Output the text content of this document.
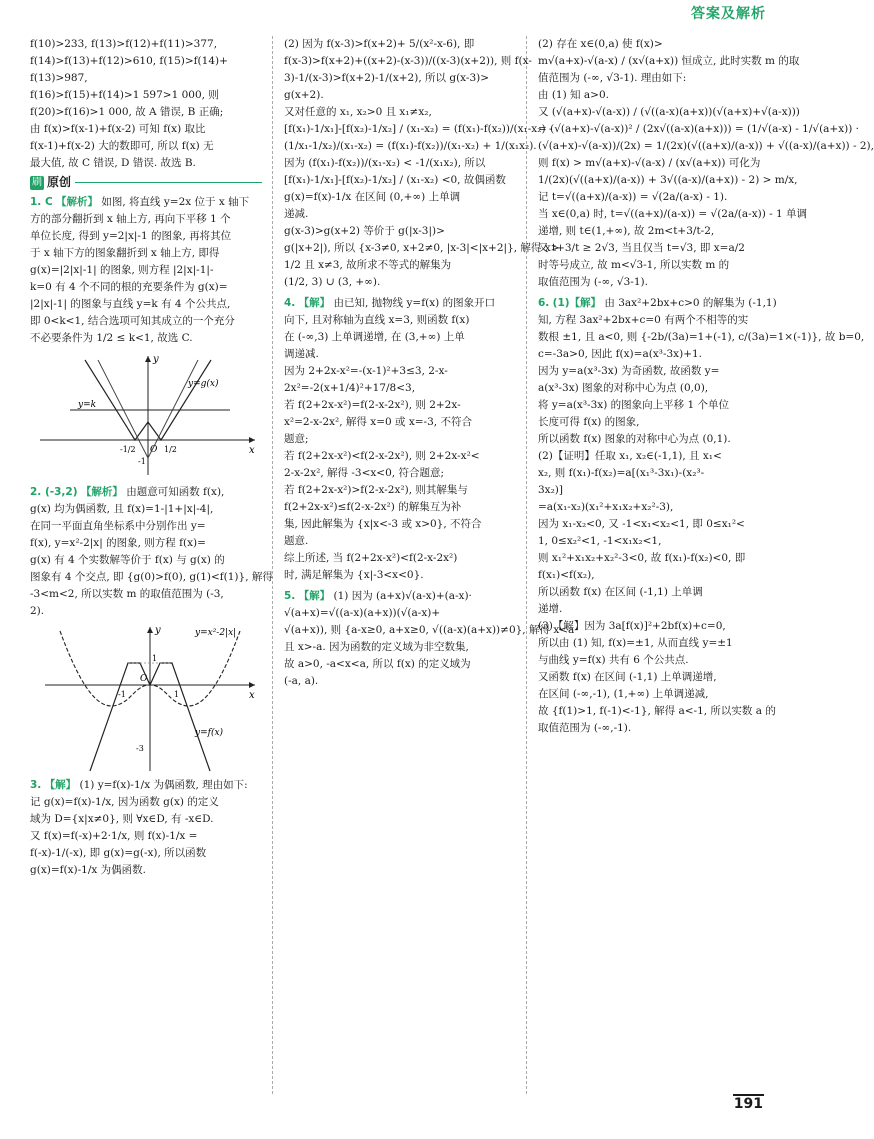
答案及解析
f(10)>233, f(13)>f(12)+f(11)>377,
f(14)>f(13)+f(12)>610, f(15)>f(14)+
f(13)>987,
f(16)>f(15)+f(14)>1 597>1 000, 则
f(20)>f(16)>1 000, 故 A 错误, B 正确;
由 f(x)>f(x-1)+f(x-2) 可知 f(x) 取比
f(x-1)+f(x-2) 大的数即可, 所以 f(x) 无
最大值, 故 C 错误, D 错误. 故选 B.
刷 原创
1. C 【解析】 如图, 将直线 y=2x 位于 x 轴下
方的部分翻折到 x 轴上方, 再向下平移 1 个
单位长度, 得到 y=2|x|-1 的图象, 再将其位
于 x 轴下方的图象翻折到 x 轴上方, 即得
g(x)=|2|x|-1| 的图象, 则方程 |2|x|-1|-
k=0 有 4 个不同的根的充要条件为 g(x)=
|2|x|-1| 的图象与直线 y=k 有 4 个公共点,
即 0<k<1, 结合选项可知其成立的一个充分
不必要条件为 1/2 ≤ k<1, 故选 C.
y
x
O
y=k
y=g(x)
-1/2	1/2
-1
2. (-3,2) 【解析】 由题意可知函数 f(x),
g(x) 均为偶函数, 且 f(x)=1-|1+|x|-4|,
在同一平面直角坐标系中分别作出 y=
f(x), y=x²-2|x| 的图象, 则方程 f(x)=
g(x) 有 4 个实数解等价于 f(x) 与 g(x) 的
图象有 4 个交点, 即 {g(0)>f(0), g(1)<f(1)}, 解得
-3<m<2, 所以实数 m 的取值范围为 (-3,
2).
y
x
O
y=x²-2|x|
y=f(x)
-1	1
1
-3
3. 【解】 (1) y=f(x)-1/x 为偶函数, 理由如下:
记 g(x)=f(x)-1/x, 因为函数 g(x) 的定义
域为 D={x|x≠0}, 则 ∀x∈D, 有 -x∈D.
又 f(x)=f(-x)+2·1/x, 则 f(x)-1/x =
f(-x)-1/(-x), 即 g(x)=g(-x), 所以函数
g(x)=f(x)-1/x 为偶函数.
(2) 因为 f(x-3)>f(x+2)+ 5/(x²-x-6), 即
f(x-3)>f(x+2)+((x+2)-(x-3))/((x-3)(x+2)), 则 f(x-
3)-1/(x-3)>f(x+2)-1/(x+2), 所以 g(x-3)>
g(x+2).
又对任意的 x₁, x₂>0 且 x₁≠x₂,
[f(x₁)-1/x₁]-[f(x₂)-1/x₂] / (x₁-x₂) = (f(x₁)-f(x₂))/(x₁-x₂) -
(1/x₁-1/x₂)/(x₁-x₂) = (f(x₁)-f(x₂))/(x₁-x₂) + 1/(x₁x₂).
因为 (f(x₁)-f(x₂))/(x₁-x₂) < -1/(x₁x₂), 所以
[f(x₁)-1/x₁]-[f(x₂)-1/x₂] / (x₁-x₂) <0, 故偶函数
g(x)=f(x)-1/x 在区间 (0,+∞) 上单调
递减.
g(x-3)>g(x+2) 等价于 g(|x-3|)>
g(|x+2|), 所以 {x-3≠0, x+2≠0, |x-3|<|x+2|}, 解得 x>
1/2 且 x≠3, 故所求不等式的解集为
(1/2, 3) ∪ (3, +∞).
4. 【解】 由已知, 抛物线 y=f(x) 的图象开口
向下, 且对称轴为直线 x=3, 则函数 f(x)
在 (-∞,3) 上单调递增, 在 (3,+∞) 上单
调递减.
因为 2+2x-x²=-(x-1)²+3≤3, 2-x-
2x²=-2(x+1/4)²+17/8<3,
若 f(2+2x-x²)=f(2-x-2x²), 则 2+2x-
x²=2-x-2x², 解得 x=0 或 x=-3, 不符合
题意;
若 f(2+2x-x²)<f(2-x-2x²), 则 2+2x-x²<
2-x-2x², 解得 -3<x<0, 符合题意;
若 f(2+2x-x²)>f(2-x-2x²), 则其解集与
f(2+2x-x²)≤f(2-x-2x²) 的解集互为补
集, 因此解集为 {x|x<-3 或 x>0}, 不符合
题意.
综上所述, 当 f(2+2x-x²)<f(2-x-2x²)
时, 满足解集为 {x|-3<x<0}.
5. 【解】 (1) 因为 (a+x)√(a-x)+(a-x)·
√(a+x)=√((a-x)(a+x))(√(a-x)+
√(a+x)), 则 {a-x≥0, a+x≥0, √((a-x)(a+x))≠0}, 解得 x<a
且 x>-a. 因为函数的定义域为非空数集,
故 a>0, -a<x<a, 所以 f(x) 的定义域为
(-a, a).
(2) 存在 x∈(0,a) 使 f(x)>
m√(a+x)-√(a-x) / (x√(a+x)) 恒成立, 此时实数 m 的取
值范围为 (-∞, √3-1). 理由如下:
由 (1) 知 a>0.
又 (√(a+x)-√(a-x)) / (√((a-x)(a+x))(√(a+x)+√(a-x)))
= (√(a+x)-√(a-x))² / (2x√((a-x)(a+x))) = (1/√(a-x) - 1/√(a+x)) ·
(√(a+x)-√(a-x))/(2x) = 1/(2x)(√((a+x)/(a-x)) + √((a-x)/(a+x)) - 2),
则 f(x) > m√(a+x)-√(a-x) / (x√(a+x)) 可化为
1/(2x)(√((a+x)/(a-x)) + 3√((a-x)/(a+x)) - 2) > m/x,
记 t=√((a+x)/(a-x)) = √(2a/(a-x) - 1).
当 x∈(0,a) 时, t=√((a+x)/(a-x)) = √(2a/(a-x)) - 1 单调
递增, 则 t∈(1,+∞), 故 2m<t+3/t-2,
又 t+3/t ≥ 2√3, 当且仅当 t=√3, 即 x=a/2
时等号成立, 故 m<√3-1, 所以实数 m 的
取值范围为 (-∞, √3-1).
6. (1)【解】 由 3ax²+2bx+c>0 的解集为 (-1,1)
知, 方程 3ax²+2bx+c=0 有两个不相等的实
数根 ±1, 且 a<0, 则 {-2b/(3a)=1+(-1), c/(3a)=1×(-1)}, 故 b=0,
c=-3a>0, 因此 f(x)=a(x³-3x)+1.
因为 y=a(x³-3x) 为奇函数, 故函数 y=
a(x³-3x) 图象的对称中心为点 (0,0),
将 y=a(x³-3x) 的图象向上平移 1 个单位
长度可得 f(x) 的图象,
所以函数 f(x) 图象的对称中心为点 (0,1).
(2)【证明】任取 x₁, x₂∈(-1,1), 且 x₁<
x₂, 则 f(x₁)-f(x₂)=a[(x₁³-3x₁)-(x₂³-
3x₂)]
=a(x₁-x₂)(x₁²+x₁x₂+x₂²-3),
因为 x₁-x₂<0, 又 -1<x₁<x₂<1, 即 0≤x₁²<
1, 0≤x₂²<1, -1<x₁x₂<1,
则 x₁²+x₁x₂+x₂²-3<0, 故 f(x₁)-f(x₂)<0, 即
f(x₁)<f(x₂),
所以函数 f(x) 在区间 (-1,1) 上单调
递增.
(3)【解】因为 3a[f(x)]²+2bf(x)+c=0,
所以由 (1) 知, f(x)=±1, 从而直线 y=±1
与曲线 y=f(x) 共有 6 个公共点.
又函数 f(x) 在区间 (-1,1) 上单调递增,
在区间 (-∞,-1), (1,+∞) 上单调递减,
故 {f(1)>1, f(-1)<-1}, 解得 a<-1, 所以实数 a 的
取值范围为 (-∞,-1).
191
